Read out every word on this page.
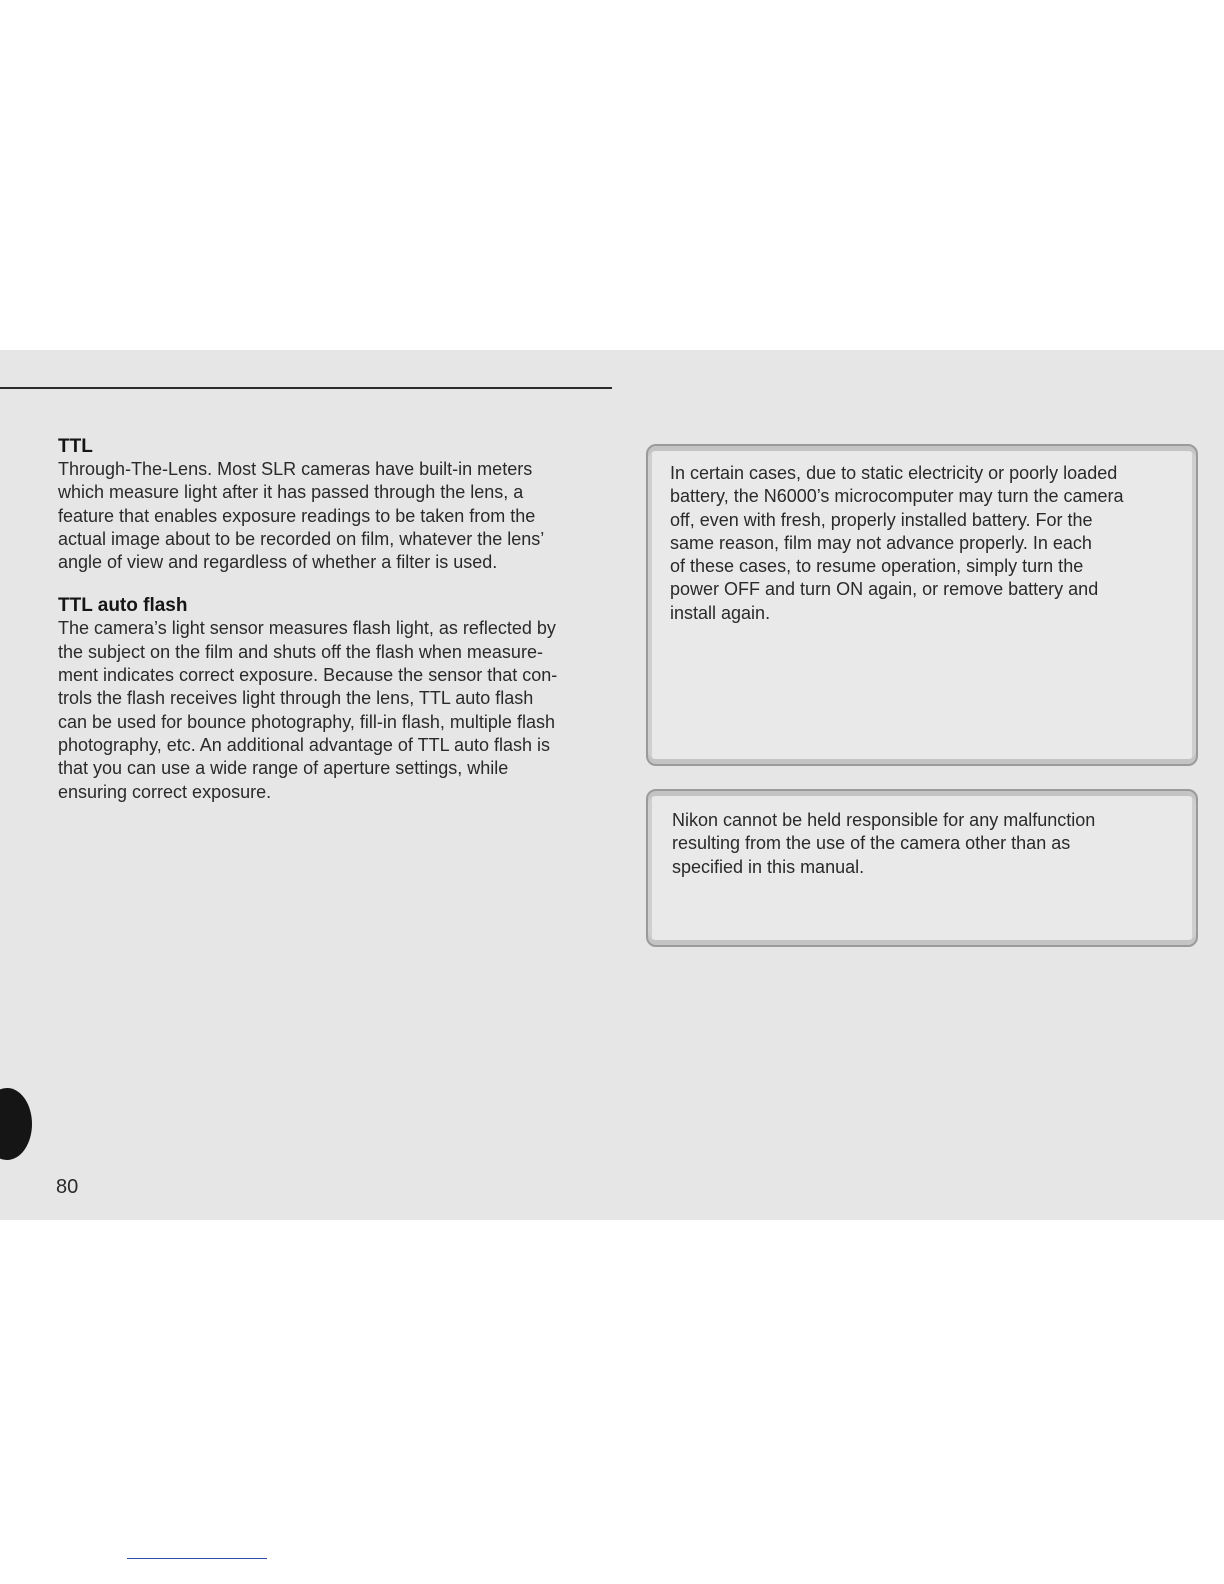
TTL

Through-The-Lens. Most SLR cameras have built-in meters
which measure light after it has passed through the lens, a
feature that enables exposure readings to be taken from the
actual image about to be recorded on film, whatever the lens’
angle of view and regardless of whether a filter is used.

TTL auto flash

The camera’s light sensor measures flash light, as reflected by
the subject on the film and shuts off the flash when measure-
ment indicates correct exposure. Because the sensor that con-
trols the flash receives light through the lens, TTL auto flash
can be used for bounce photography, fill-in flash, multiple flash
photography, etc. An additional advantage of TTL auto flash is
that you can use a wide range of aperture settings, while
ensuring correct exposure.

In certain cases, due to static electricity or poorly loaded
battery, the N6000’s microcomputer may turn the camera
off, even with fresh, properly installed battery. For the
same reason, film may not advance properly. In each
of these cases, to resume operation, simply turn the
power OFF and turn ON again, or remove battery and
install again.

Nikon cannot be held responsible for any malfunction
resulting from the use of the camera other than as
specified in this manual.

80
